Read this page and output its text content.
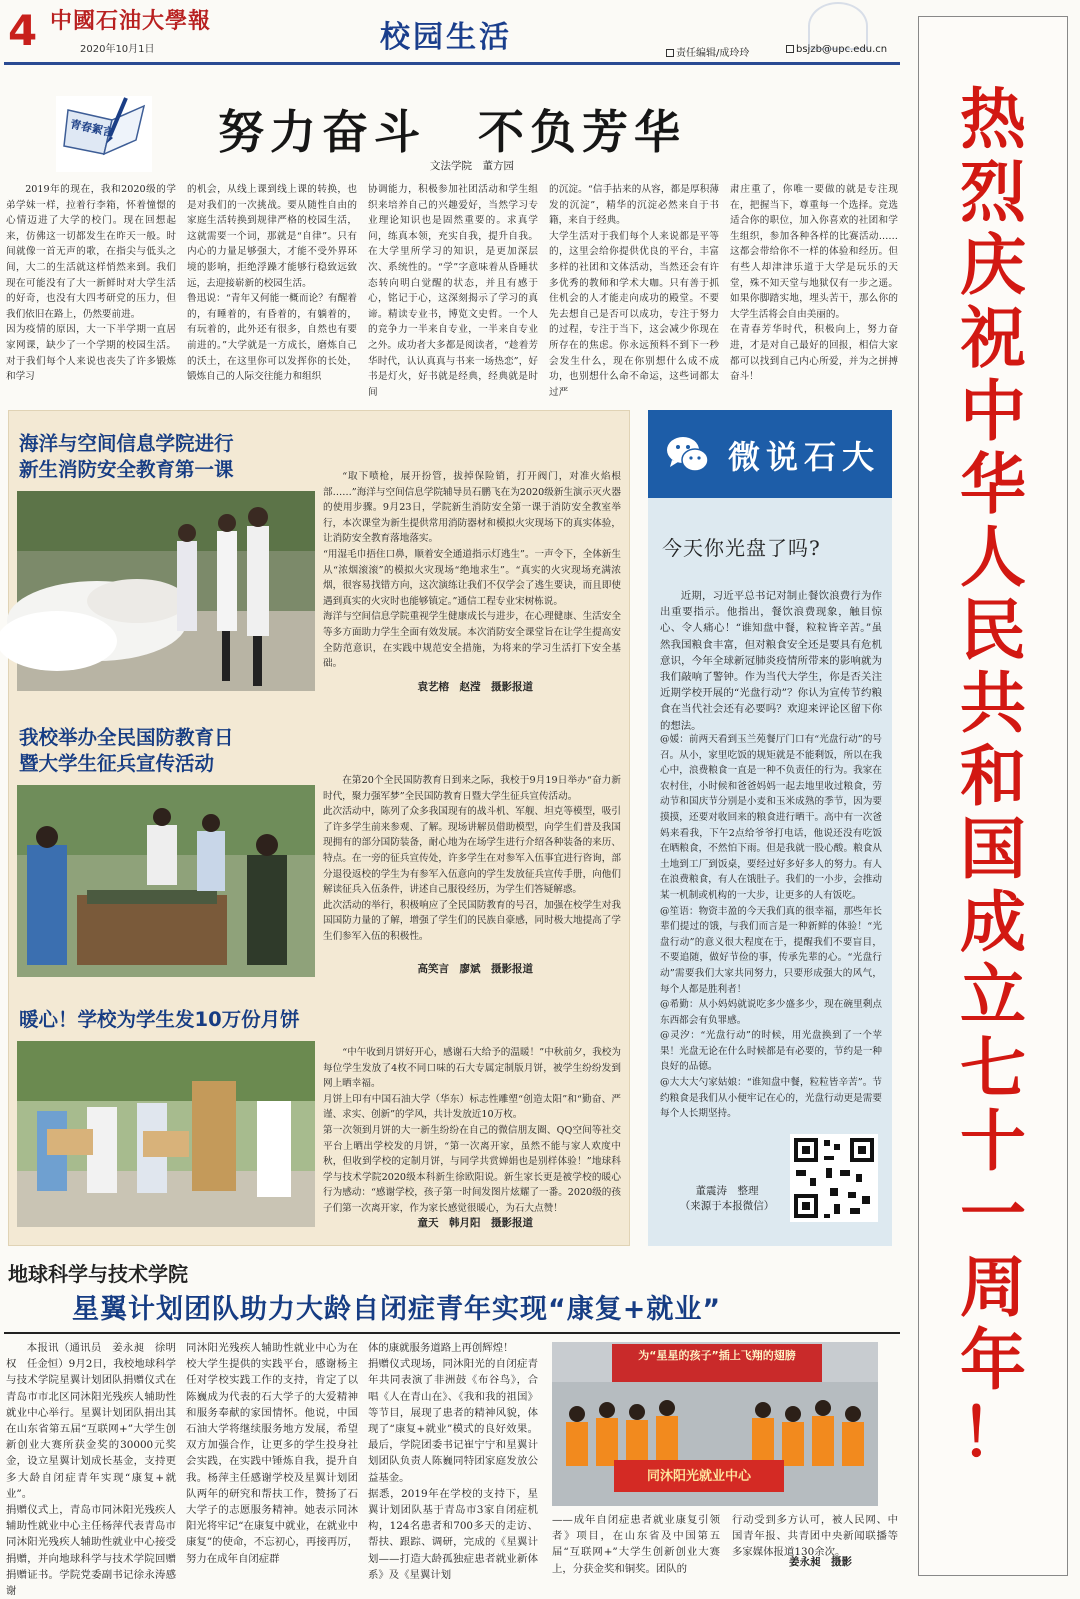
4 中國石油大學報
2020年10月1日	校园生活	责任编辑/成玲玲	bsjzb@upc.edu.cn
热
烈
庆
祝
中
华
人
民
共
和
国
成
立
七
十
一
周
年
！
青春絮言 努力奋斗　不负芳华
文法学院　董方园
2019年的现在，我和2020级的学弟学妹一样，拉着行李箱，怀着憧憬的心情迈进了大学的校门。现在回想起来，仿佛这一切都发生在昨天一般。时间就像一首无声的歌，在指尖与低头之间，大二的生活就这样悄然来到。我们现在可能没有了大一新鲜时对大学生活的好奇，也没有大四考研党的压力，但我们依旧在路上，仍然要前进。
因为疫情的原因，大一下半学期一直居家网课，缺少了一个学期的校园生活。对于我们每个人来说也丧失了许多锻炼和学习
的机会，从线上课到线上课的转换，也是对我们的一次挑战。要从随性自由的家庭生活转换到规律严格的校园生活，这就需要一个词，那就是“自律”。只有内心的力量足够强大，才能不受外界环境的影响，拒绝浮躁才能够行稳致远致远，去迎接崭新的校园生活。
鲁迅说：“青年又何能一概而论？有醒着的，有睡着的，有昏着的，有躺着的，有玩着的，此外还有很多，自然也有要前进的。”大学就是一方成长，磨炼自己的沃土，在这里你可以发挥你的长处，锻炼自己的人际交往能力和组织
协调能力，积极参加社团活动和学生组织来培养自己的兴趣爱好，当然学习专业理论知识也是固然重要的。求真学问，练真本领，充实自我，提升自我。在大学里所学习的知识，是更加深层次、系统性的。“学”字意味着从昏睡状态转向明白觉醒的状态，并且有感于心，铭记于心，这深刻揭示了学习的真谛。精读专业书，博览文史哲。一个人的竞争力一半来自专业，一半来自专业之外。成功者大多都是阅读者，“趁着芳华时代，认认真真与书来一场热恋”，好书是灯火，好书就是经典，经典就是时间
的沉淀。“信手拈来的从容，都是厚积薄发的沉淀”，精华的沉淀必然来自于书籍，来自于经典。
大学生活对于我们每个人来说都是平等的，这里会给你提供优良的平台，丰富多样的社团和文体活动，当然还会有许多优秀的教师和学术大咖。只有善于抓住机会的人才能走向成功的殿堂。不要先去想自己是否可以成功，专注于努力的过程，专注于当下，这会减少你现在所存在的焦虑。你永远预料不到下一秒会发生什么，现在你别想什么成不成功，也别想什么命不命运，这些词都太过严
肃庄重了，你唯一要做的就是专注现在，把握当下，尊重每一个选择。竞选适合你的职位，加入你喜欢的社团和学生组织，参加各种各样的比赛活动……这都会带给你不一样的体验和经历。但有些人却津津乐道于大学是玩乐的天堂，殊不知天堂与地狱仅有一步之遥。如果你脚踏实地，埋头苦干，那么你的大学生活将会自由美丽的。
在青春芳华时代，积极向上，努力奋进，才是对自己最好的回报，相信大家都可以找到自己内心所爱，并为之拼搏奋斗！
海洋与空间信息学院进行
新生消防安全教育第一课	“取下喷枪，展开扮管，拔掉保险销，打开阀门，对准火焰根部……”海洋与空间信息学院辅导员石鹏飞在为2020级新生演示灭火器的使用步骤。9月23日，学院新生消防安全第一课于消防安全教室举行，本次课堂为新生提供常用消防器材和模拟火灾现场下的真实体验，让消防安全教育落地落实。
“用湿毛巾捂住口鼻，顺着安全通道指示灯逃生”。一声令下，全体新生从“浓烟滚滚”的模拟火灾现场“绝地求生”。“真实的火灾现场充满浓烟，很容易找错方向，这次演练让我们不仅学会了逃生要诀，而且即使遇到真实的火灾时也能够镇定。”通信工程专业宋树栋说。
海洋与空间信息学院重视学生健康成长与进步，在心理健康、生活安全等多方面助力学生全面有效发展。本次消防安全课堂旨在让学生提高安全防范意识，在实践中规范安全措施，为将来的学习生活打下安全基础。
袁艺榕　赵滢　摄影报道
我校举办全民国防教育日
暨大学生征兵宣传活动
在第20个全民国防教育日到来之际，我校于9月19日举办“奋力新时代，聚力强军梦”全民国防教育日暨大学生征兵宣传活动。
此次活动中，陈列了众多我国现有的战斗机、军舰、坦克等模型，吸引了许多学生前来参观、了解。现场讲解员借助模型，向学生们普及我国现拥有的部分国防装备，耐心地为在场学生进行介绍各种装备的来历、特点。在一旁的征兵宣传处，许多学生在对参军入伍事宜进行咨询，部分退役返校的学生为有参军入伍意向的学生发放征兵宣传手册，向他们解读征兵入伍条件，讲述自己服役经历，为学生们答疑解惑。
此次活动的举行，积极响应了全民国防教育的号召，加强在校学生对我国国防力量的了解，增强了学生们的民族自豪感，同时极大地提高了学生们参军入伍的积极性。
高笑言　廖斌　摄影报道
暖心！学校为学生发10万份月饼
“中午收到月饼好开心，感谢石大给予的温暖！”中秋前夕，我校为每位学生发放了4枚不同口味的石大专属定制版月饼，被学生纷纷发到网上晒幸福。
月饼上印有中国石油大学（华东）标志性雕塑“创造太阳”和“勤奋、严谨、求实、创新”的学风，共计发放近10万枚。
第一次领到月饼的大一新生纷纷在自己的微信朋友圈、QQ空间等社交平台上晒出学校发的月饼，“第一次离开家，虽然不能与家人欢度中秋，但收到学校的定制月饼，与同学共赏婵娟也是别样体验！”地球科学与技术学院2020级本科新生徐欧阳说。新生家长更是被学校的暖心行为感动：“感谢学校，孩子第一时间发图片炫耀了一番。2020级的孩子们第一次离开家，作为家长感觉很暖心，为石大点赞！
童天　韩月阳　摄影报道
微说石大
今天你光盘了吗?
近期，习近平总书记对制止餐饮浪费行为作出重要指示。他指出，餐饮浪费现象，触目惊心、令人痛心！“谁知盘中餐，粒粒皆辛苦。”虽然我国粮食丰富，但对粮食安全还是要具有危机意识，今年全球新冠肺炎疫情所带来的影响就为我们敲响了警钟。作为当代大学生，你是否关注近期学校开展的“光盘行动”？你认为宣传节约粮食在当代社会还有必要吗？欢迎来评论区留下你的想法。
@媛：前两天看到玉兰苑餐厅门口有“光盘行动”的号召。从小，家里吃饭的规矩就是不能剩饭，所以在我心中，浪费粮食一直是一种不负责任的行为。我家在农村住，小时候和爸爸妈妈一起去地里收过粮食，劳动节和国庆节分别是小麦和玉米成熟的季节，因为要摸摸，还要对收回来的粮食进行晒干。高中有一次爸妈来看我，下午2点给爷爷打电话，他说还没有吃饭在晒粮食，不然怕下雨。但是我就一股心酸。粮食从土地到工厂到饭桌，要经过好多好多人的努力。有人在浪费粮食，有人在饿肚子。我们的一小步，会推动某一机制或机构的一大步，让更多的人有饭吃。
@笙语：物资丰盈的今天我们真的很幸福，那些年长辈们提过的饿，与我们而言是一种新鲜的体验！“光盘行动”的意义很大程度在于，提醒我们不要盲目，不要追随，做好节俭的事，传承先辈的心。“光盘行动”需要我们大家共同努力，只要形成强大的风气，每个人都是胜利者！
@希勤：从小妈妈就说吃多少盛多少，现在碗里剩点东西都会有负罪感。
@灵汐：“光盘行动”的时候，用光盘换到了一个苹果！光盘无论在什么时候都是有必要的，节约是一种良好的品德。
@大大大勺家姑娘：“谁知盘中餐，粒粒皆辛苦”。节约粮食是我们从小便牢记在心的，光盘行动更是需要每个人长期坚持。
董震涛　整理
（来源于本报微信）
地球科学与技术学院
星翼计划团队助力大龄自闭症青年实现“康复+就业”
本报讯（通讯员　姜永昶　徐明权　任金恒）9月2日，我校地球科学与技术学院星翼计划团队捐赠仪式在青岛市市北区同沐阳光残疾人辅助性就业中心举行。星翼计划团队捐出其在山东省第五届“互联网+”大学生创新创业大赛所获金奖的30000元奖金，设立星翼计划成长基金，支持更多大龄自闭症青年实现“康复+就业”。
捐赠仪式上，青岛市同沐阳光残疾人辅助性就业中心主任杨萍代表青岛市同沐阳光残疾人辅助性就业中心接受捐赠，并向地球科学与技术学院回赠捐赠证书。学院党委副书记徐永涛感谢
同沐阳光残疾人辅助性就业中心为在校大学生提供的实践平台，感谢杨主任对学校实践工作的支持，肯定了以陈巍成为代表的石大学子的大爱精神和服务奉献的家国情怀。他说，中国石油大学将继续服务地方发展，希望双方加强合作，让更多的学生投身社会实践，在实践中锤炼自我，提升自我。杨萍主任感谢学校及星翼计划团队两年的研究和帮扶工作，赞扬了石大学子的志愿服务精神。她表示同沐阳光将牢记“在康复中就业，在就业中康复”的使命，不忘初心，再接再厉，努力在成年自闭症群
体的康就服务道路上再创辉煌！
捐赠仪式现场，同沐阳光的自闭症青年共同表演了非洲鼓《布谷鸟》，合唱《人在青山在》、《我和我的祖国》等节目，展现了患者的精神风貌，体现了“康复+就业”模式的良好效果。最后，学院团委书记崔宁宁和星翼计划团队负责人陈巍同特团家庭发放公益基金。
据悉，2019年在学校的支持下，星翼计划团队基于青岛市3家自闭症机构，124名患者和700多天的走访、帮扶、跟踪、调研，完成的《星翼计划——打造大龄孤独症患者就业新体系》及《星翼计划
为“星星的孩子”插上飞翔的翅膀
同沐阳光就业中心
——成年自闭症患者就业康复引领者》项目，在山东省及中国第五届“互联网+”大学生创新创业大赛上，分获金奖和铜奖。团队的
行动受到多方认可，被人民网、中国青年报、共青团中央新闻联播等多家媒体报道130余次。
姜永昶　摄影
